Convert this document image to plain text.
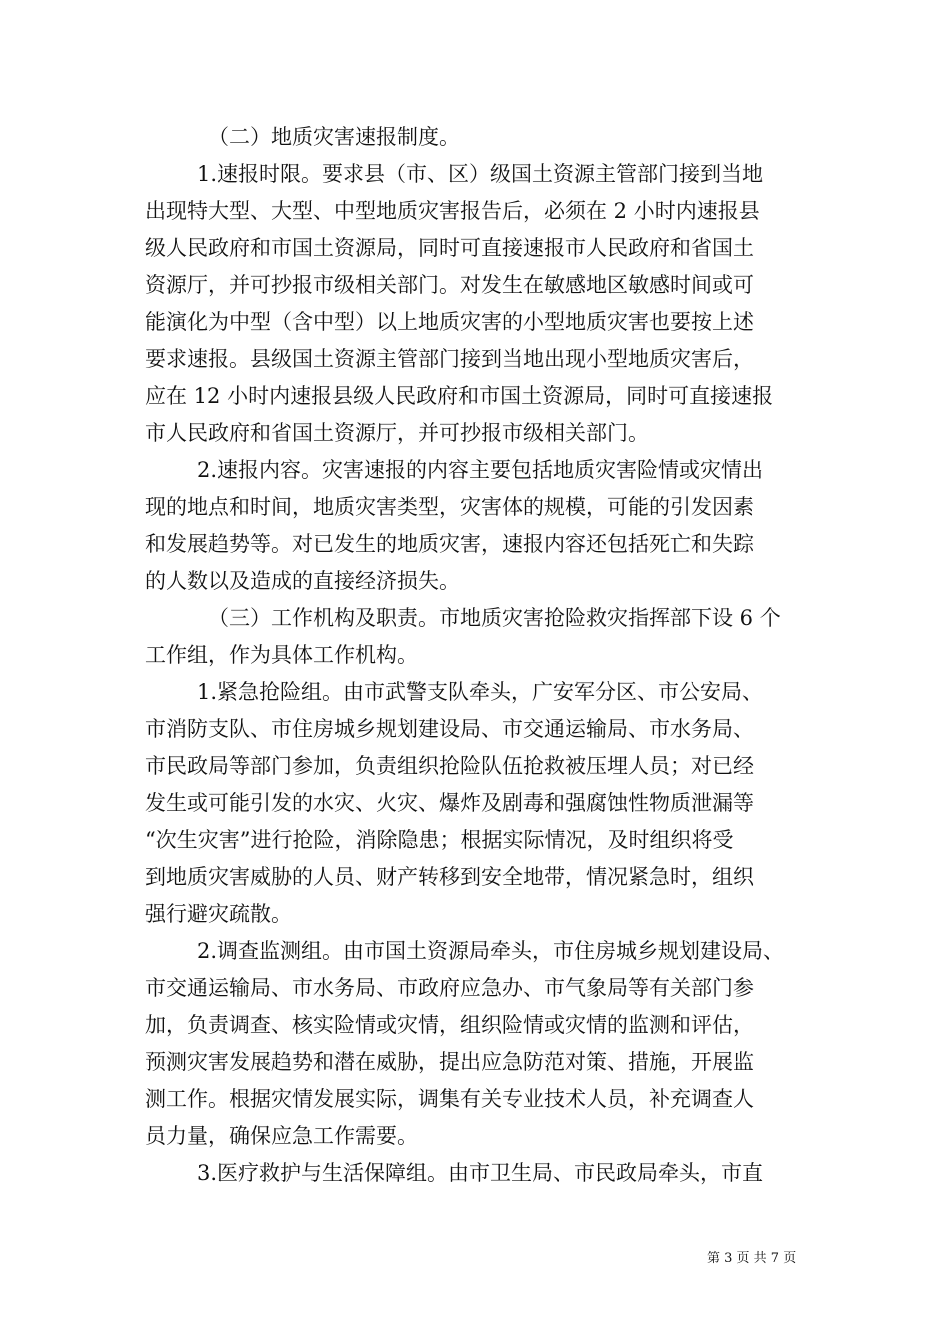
（二）地质灾害速报制度。

1.速报时限。要求县（市、区）级国土资源主管部门接到当地

出现特大型、大型、中型地质灾害报告后，必须在 2 小时内速报县

级人民政府和市国土资源局，同时可直接速报市人民政府和省国土

资源厅，并可抄报市级相关部门。对发生在敏感地区敏感时间或可

能演化为中型（含中型）以上地质灾害的小型地质灾害也要按上述

要求速报。县级国土资源主管部门接到当地出现小型地质灾害后，

应在 12 小时内速报县级人民政府和市国土资源局，同时可直接速报

市人民政府和省国土资源厅，并可抄报市级相关部门。

2.速报内容。灾害速报的内容主要包括地质灾害险情或灾情出

现的地点和时间，地质灾害类型，灾害体的规模，可能的引发因素

和发展趋势等。对已发生的地质灾害，速报内容还包括死亡和失踪

的人数以及造成的直接经济损失。

（三）工作机构及职责。市地质灾害抢险救灾指挥部下设 6 个

工作组，作为具体工作机构。

1.紧急抢险组。由市武警支队牵头，广安军分区、市公安局、

市消防支队、市住房城乡规划建设局、市交通运输局、市水务局、

市民政局等部门参加，负责组织抢险队伍抢救被压埋人员；对已经

发生或可能引发的水灾、火灾、爆炸及剧毒和强腐蚀性物质泄漏等

“次生灾害”进行抢险，消除隐患；根据实际情况，及时组织将受

到地质灾害威胁的人员、财产转移到安全地带，情况紧急时，组织

强行避灾疏散。

2.调查监测组。由市国土资源局牵头，市住房城乡规划建设局、

市交通运输局、市水务局、市政府应急办、市气象局等有关部门参

加，负责调查、核实险情或灾情，组织险情或灾情的监测和评估，

预测灾害发展趋势和潜在威胁，提出应急防范对策、措施，开展监

测工作。根据灾情发展实际，调集有关专业技术人员，补充调查人

员力量，确保应急工作需要。

3.医疗救护与生活保障组。由市卫生局、市民政局牵头，市直

第 3 页 共 7 页
